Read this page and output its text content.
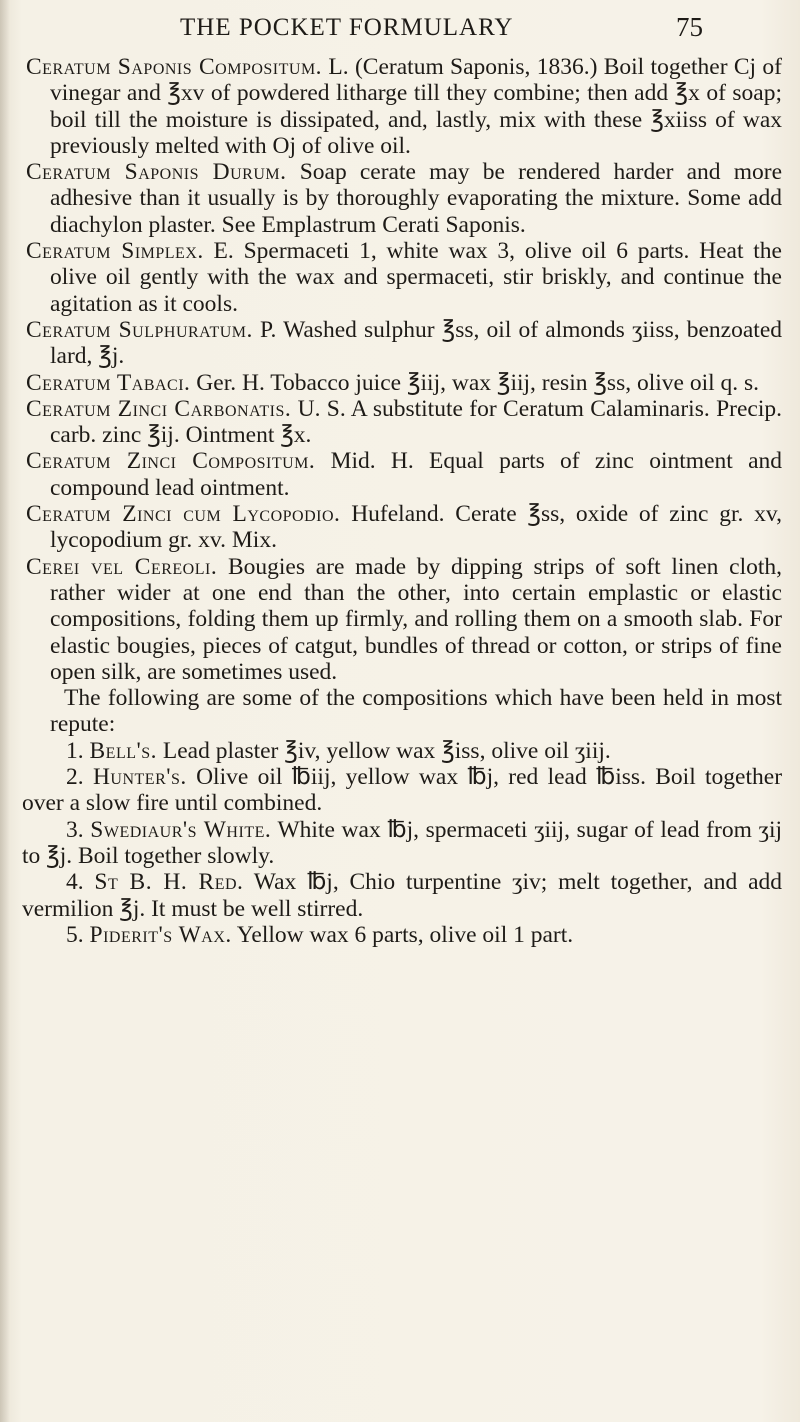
THE POCKET FORMULARY	75

Ceratum Saponis Compositum. L. (Ceratum Saponis, 1836.) Boil together Cj of vinegar and ℥xv of powdered litharge till they combine; then add ℥x of soap; boil till the moisture is dissipated, and, lastly, mix with these ℥xiiss of wax previously melted with Oj of olive oil.

Ceratum Saponis Durum. Soap cerate may be rendered harder and more adhesive than it usually is by thoroughly evaporating the mixture. Some add diachylon plaster. See Emplastrum Cerati Saponis.

Ceratum Simplex. E. Spermaceti 1, white wax 3, olive oil 6 parts. Heat the olive oil gently with the wax and spermaceti, stir briskly, and continue the agitation as it cools.

Ceratum Sulphuratum. P. Washed sulphur ℥ss, oil of almonds ʒiiss, benzoated lard, ℥j.

Ceratum Tabaci. Ger. H. Tobacco juice ℥iij, wax ℥iij, resin ℥ss, olive oil q. s.

Ceratum Zinci Carbonatis. U. S. A substitute for Ceratum Calaminaris. Precip. carb. zinc ℥ij. Ointment ℥x.

Ceratum Zinci Compositum. Mid. H. Equal parts of zinc ointment and compound lead ointment.

Ceratum Zinci cum Lycopodio. Hufeland. Cerate ℥ss, oxide of zinc gr. xv, lycopodium gr. xv. Mix.

Cerei vel Cereoli. Bougies are made by dipping strips of soft linen cloth, rather wider at one end than the other, into certain emplastic or elastic compositions, folding them up firmly, and rolling them on a smooth slab. For elastic bougies, pieces of catgut, bundles of thread or cotton, or strips of fine open silk, are sometimes used.

The following are some of the compositions which have been held in most repute:

1. Bell's. Lead plaster ℥iv, yellow wax ℥iss, olive oil ʒiij.

2. Hunter's. Olive oil ℔iij, yellow wax ℔j, red lead ℔iss. Boil together over a slow fire until combined.

3. Swediaur's White. White wax ℔j, spermaceti ʒiij, sugar of lead from ʒij to ℥j. Boil together slowly.

4. St B. H. Red. Wax ℔j, Chio turpentine ʒiv; melt together, and add vermilion ℥j. It must be well stirred.

5. Piderit's Wax. Yellow wax 6 parts, olive oil 1 part.
